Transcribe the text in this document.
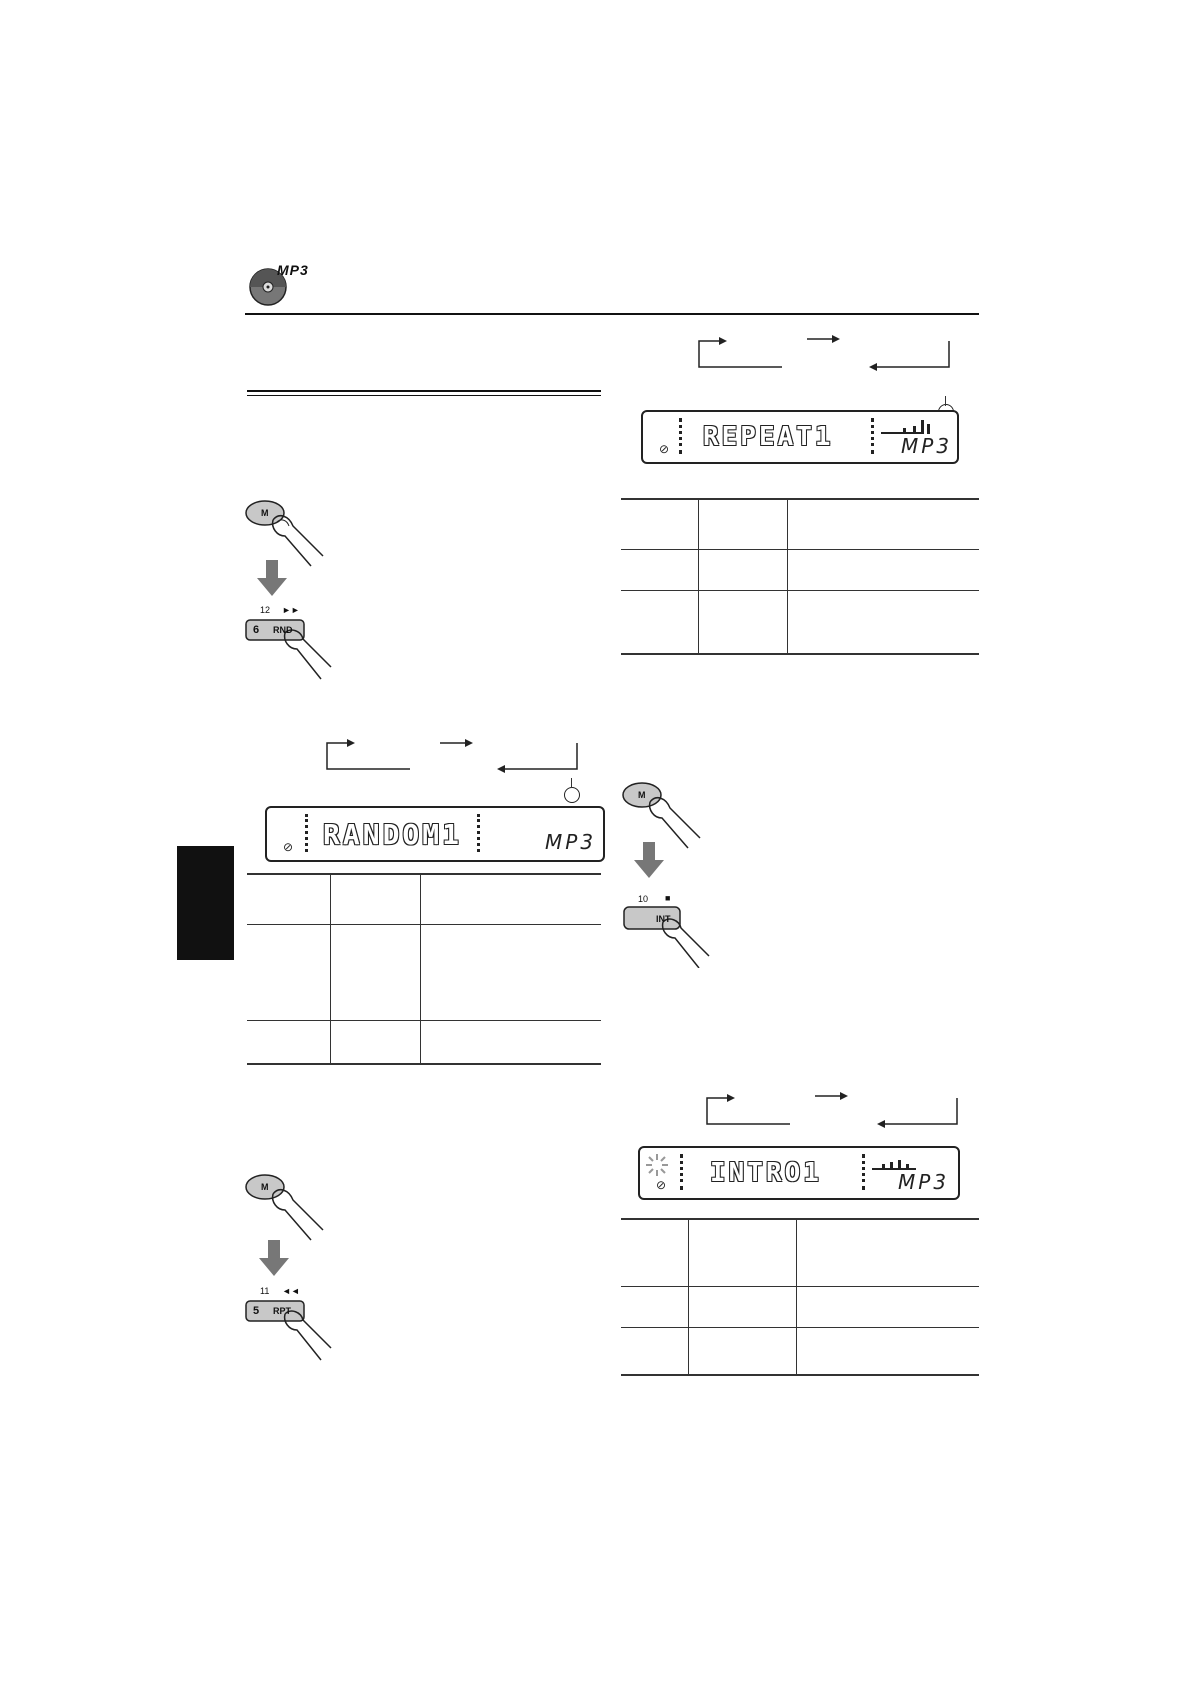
MP3
M
12 ►►
6 RND
⊘ RANDOM1	MP3
M
11 ◄◄
5 RPT
⊘ REPEAT1	MP3
M
10 ■
INT
⊘ INTRO1	MP3
